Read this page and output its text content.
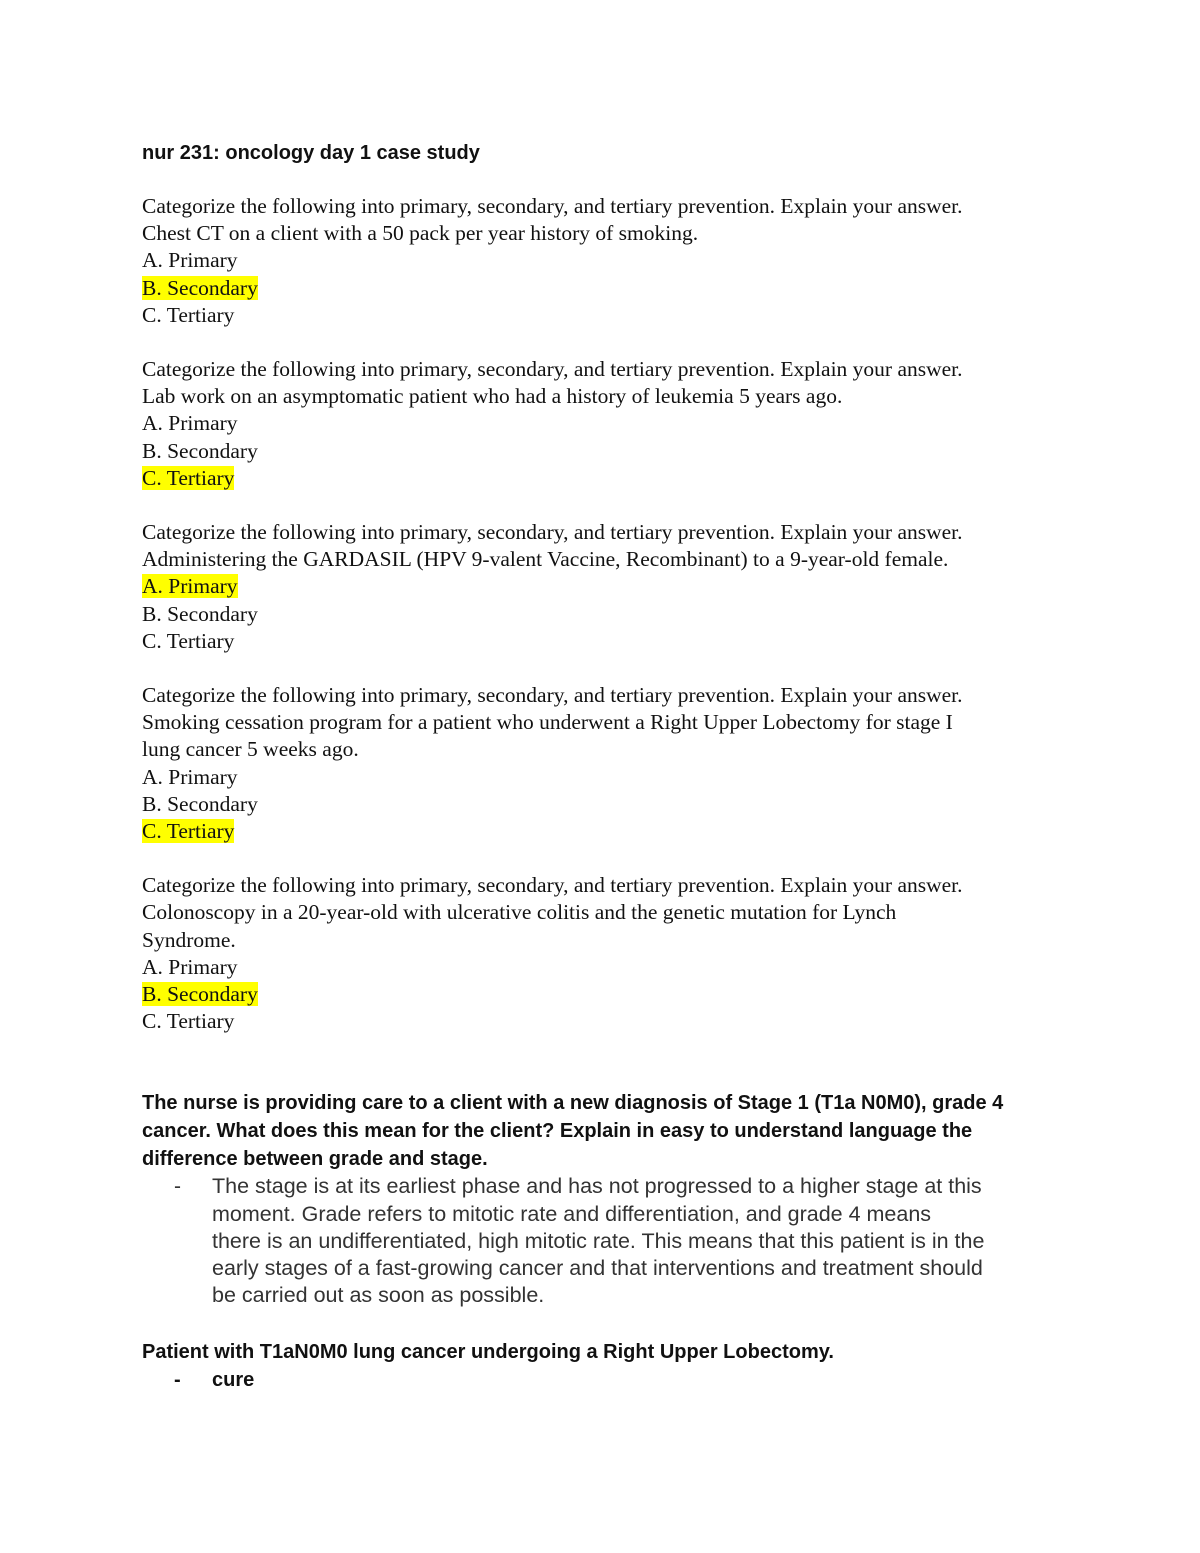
nur 231: oncology day 1 case study
Categorize the following into primary, secondary, and tertiary prevention. Explain your answer.
Chest CT on a client with a 50 pack per year history of smoking.
A. Primary
B. Secondary
C. Tertiary
Categorize the following into primary, secondary, and tertiary prevention. Explain your answer.
Lab work on an asymptomatic patient who had a history of leukemia 5 years ago.
A. Primary
B. Secondary
C. Tertiary
Categorize the following into primary, secondary, and tertiary prevention. Explain your answer.
Administering the GARDASIL (HPV 9-valent Vaccine, Recombinant) to a 9-year-old female.
A. Primary
B. Secondary
C. Tertiary
Categorize the following into primary, secondary, and tertiary prevention. Explain your answer.
Smoking cessation program for a patient who underwent a Right Upper Lobectomy for stage I
lung cancer 5 weeks ago.
A. Primary
B. Secondary
C. Tertiary
Categorize the following into primary, secondary, and tertiary prevention. Explain your answer.
Colonoscopy in a 20-year-old with ulcerative colitis and the genetic mutation for Lynch
Syndrome.
A. Primary
B. Secondary
C. Tertiary
The nurse is providing care to a client with a new diagnosis of Stage 1 (T1a N0M0), grade 4
cancer. What does this mean for the client? Explain in easy to understand language the
difference between grade and stage.
-	The stage is at its earliest phase and has not progressed to a higher stage at this
moment. Grade refers to mitotic rate and differentiation, and grade 4 means
there is an undifferentiated, high mitotic rate. This means that this patient is in the
early stages of a fast-growing cancer and that interventions and treatment should
be carried out as soon as possible.
Patient with T1aN0M0 lung cancer undergoing a Right Upper Lobectomy.
-	cure
